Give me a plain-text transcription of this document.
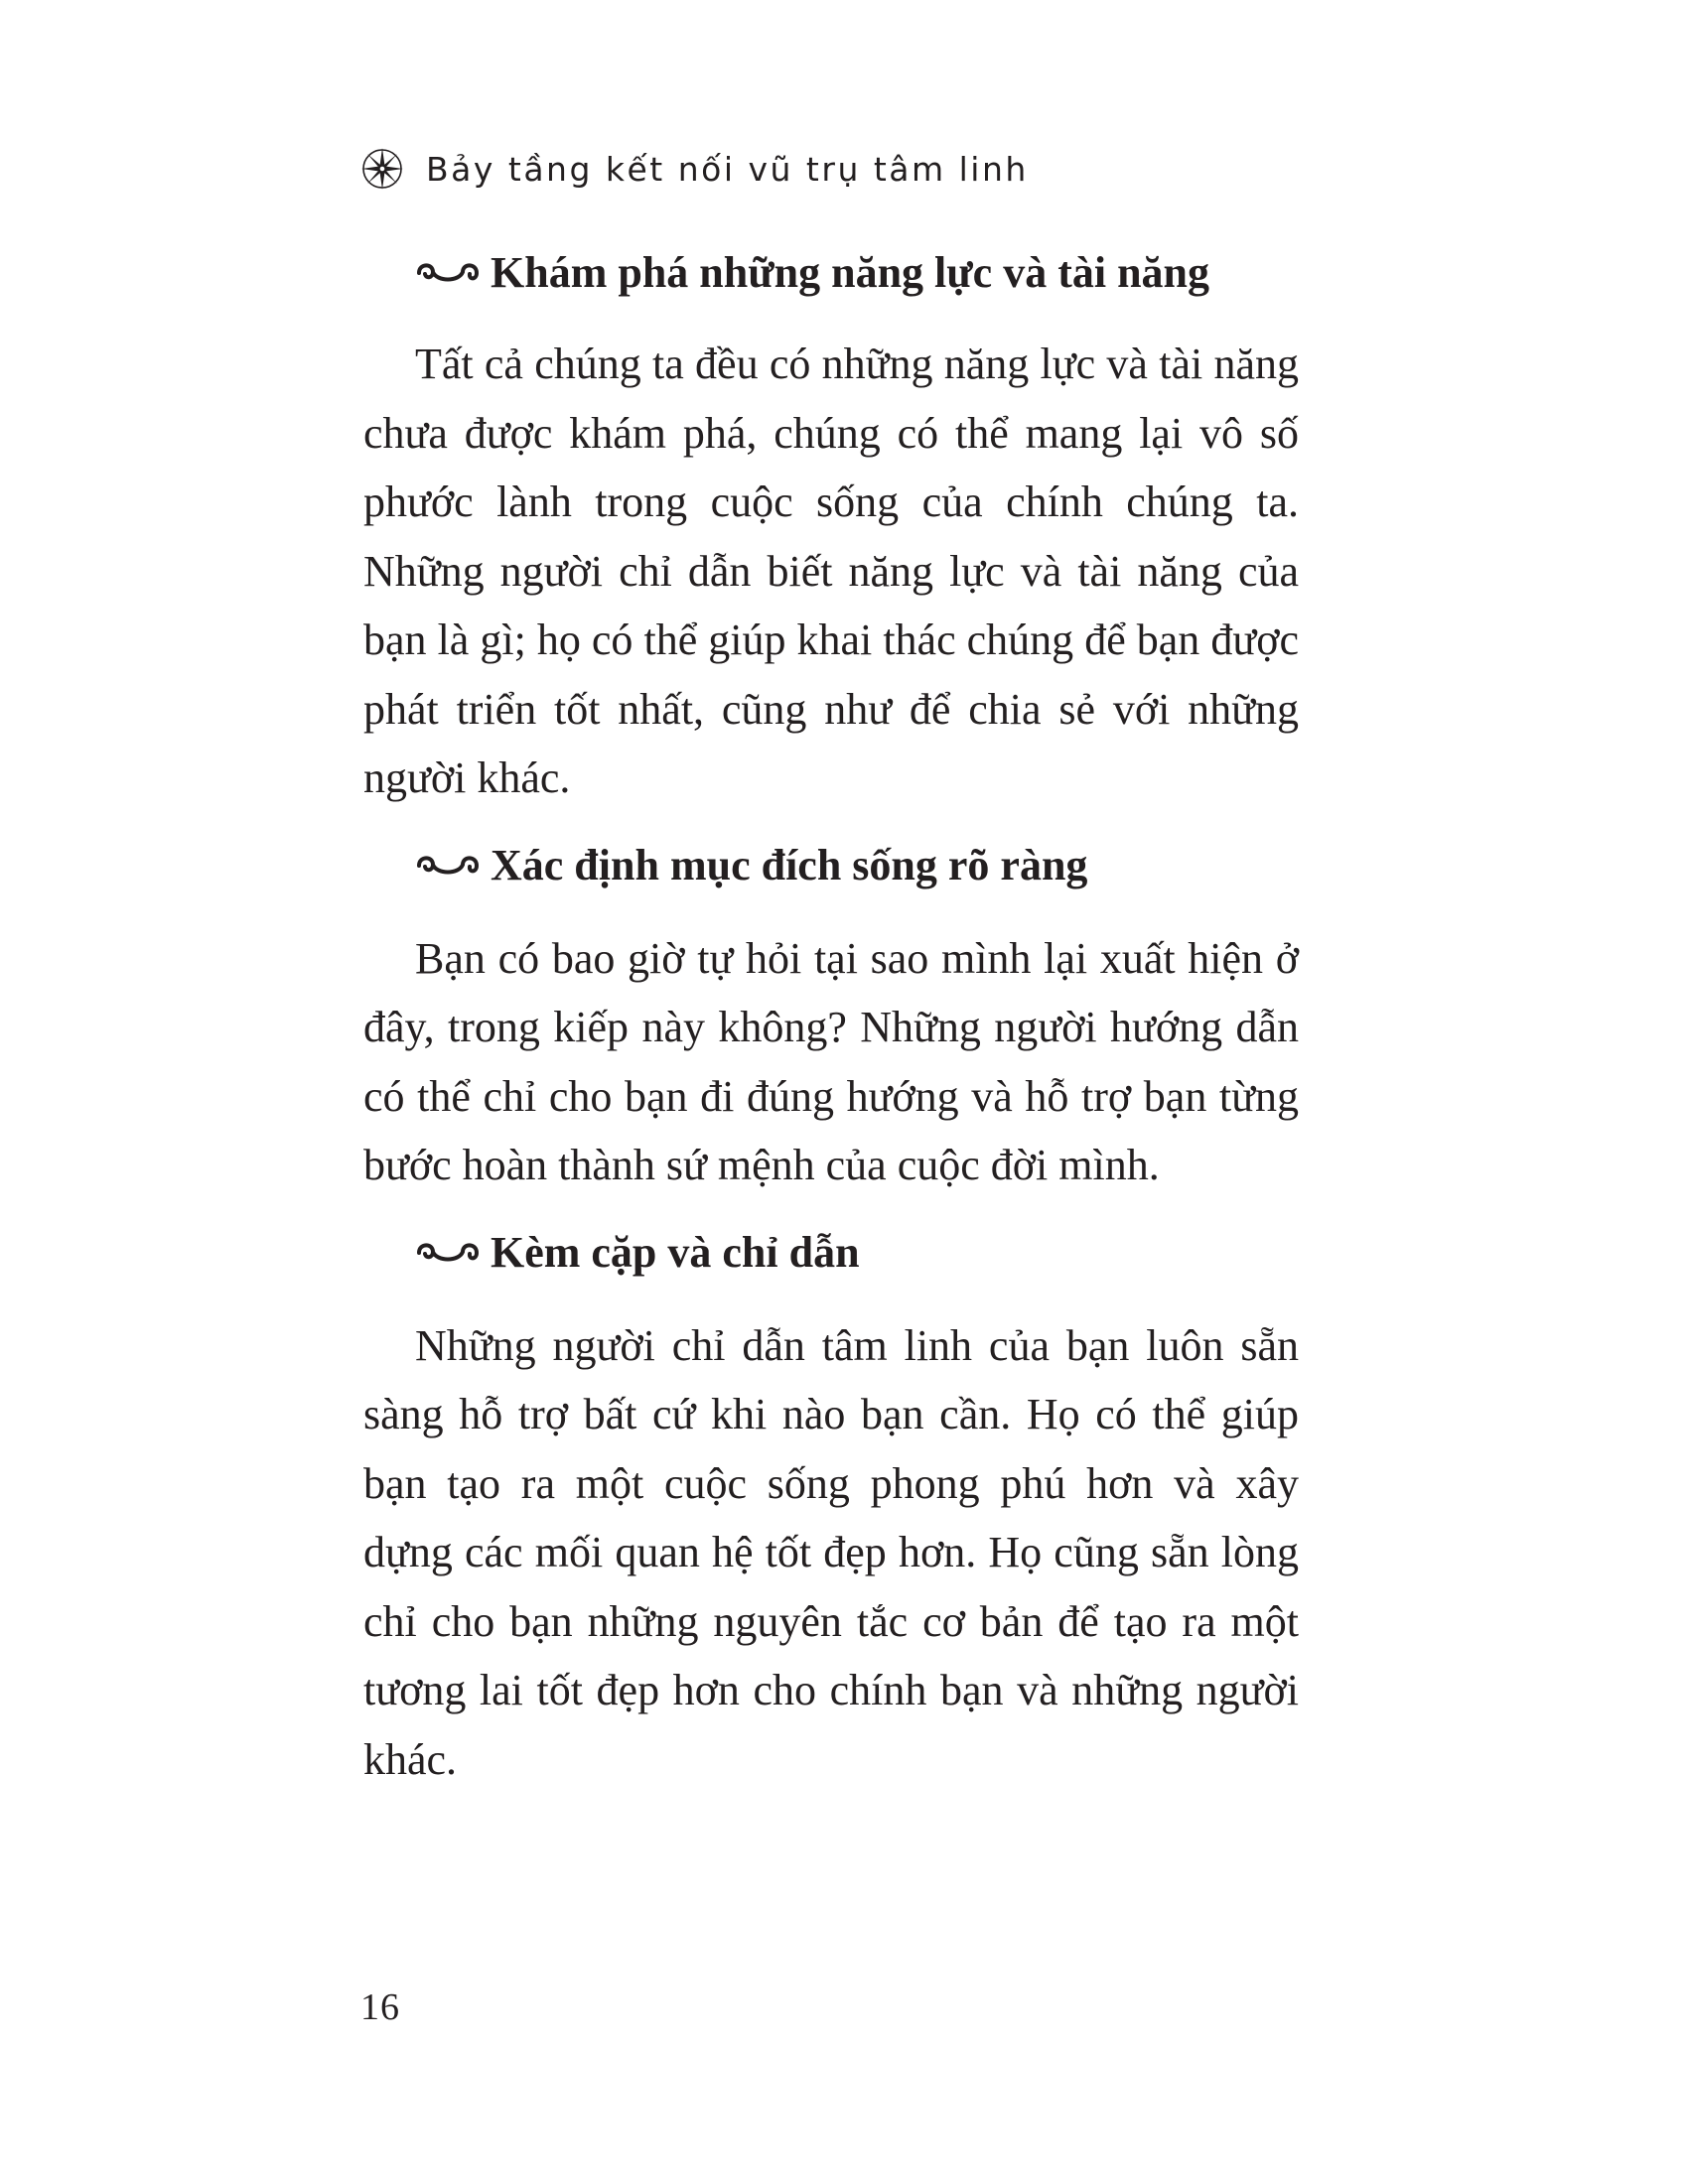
Bảy tầng kết nối vũ trụ tâm linh
Khám phá những năng lực và tài năng

Tất cả chúng ta đều có những năng lực và tài năng chưa được khám phá, chúng có thể mang lại vô số phước lành trong cuộc sống của chính chúng ta. Những người chỉ dẫn biết năng lực và tài năng của bạn là gì; họ có thể giúp khai thác chúng để bạn được phát triển tốt nhất, cũng như để chia sẻ với những người khác.

Xác định mục đích sống rõ ràng

Bạn có bao giờ tự hỏi tại sao mình lại xuất hiện ở đây, trong kiếp này không? Những người hướng dẫn có thể chỉ cho bạn đi đúng hướng và hỗ trợ bạn từng bước hoàn thành sứ mệnh của cuộc đời mình.

Kèm cặp và chỉ dẫn

Những người chỉ dẫn tâm linh của bạn luôn sẵn sàng hỗ trợ bất cứ khi nào bạn cần. Họ có thể giúp bạn tạo ra một cuộc sống phong phú hơn và xây dựng các mối quan hệ tốt đẹp hơn. Họ cũng sẵn lòng chỉ cho bạn những nguyên tắc cơ bản để tạo ra một tương lai tốt đẹp hơn cho chính bạn và những người khác.

16
